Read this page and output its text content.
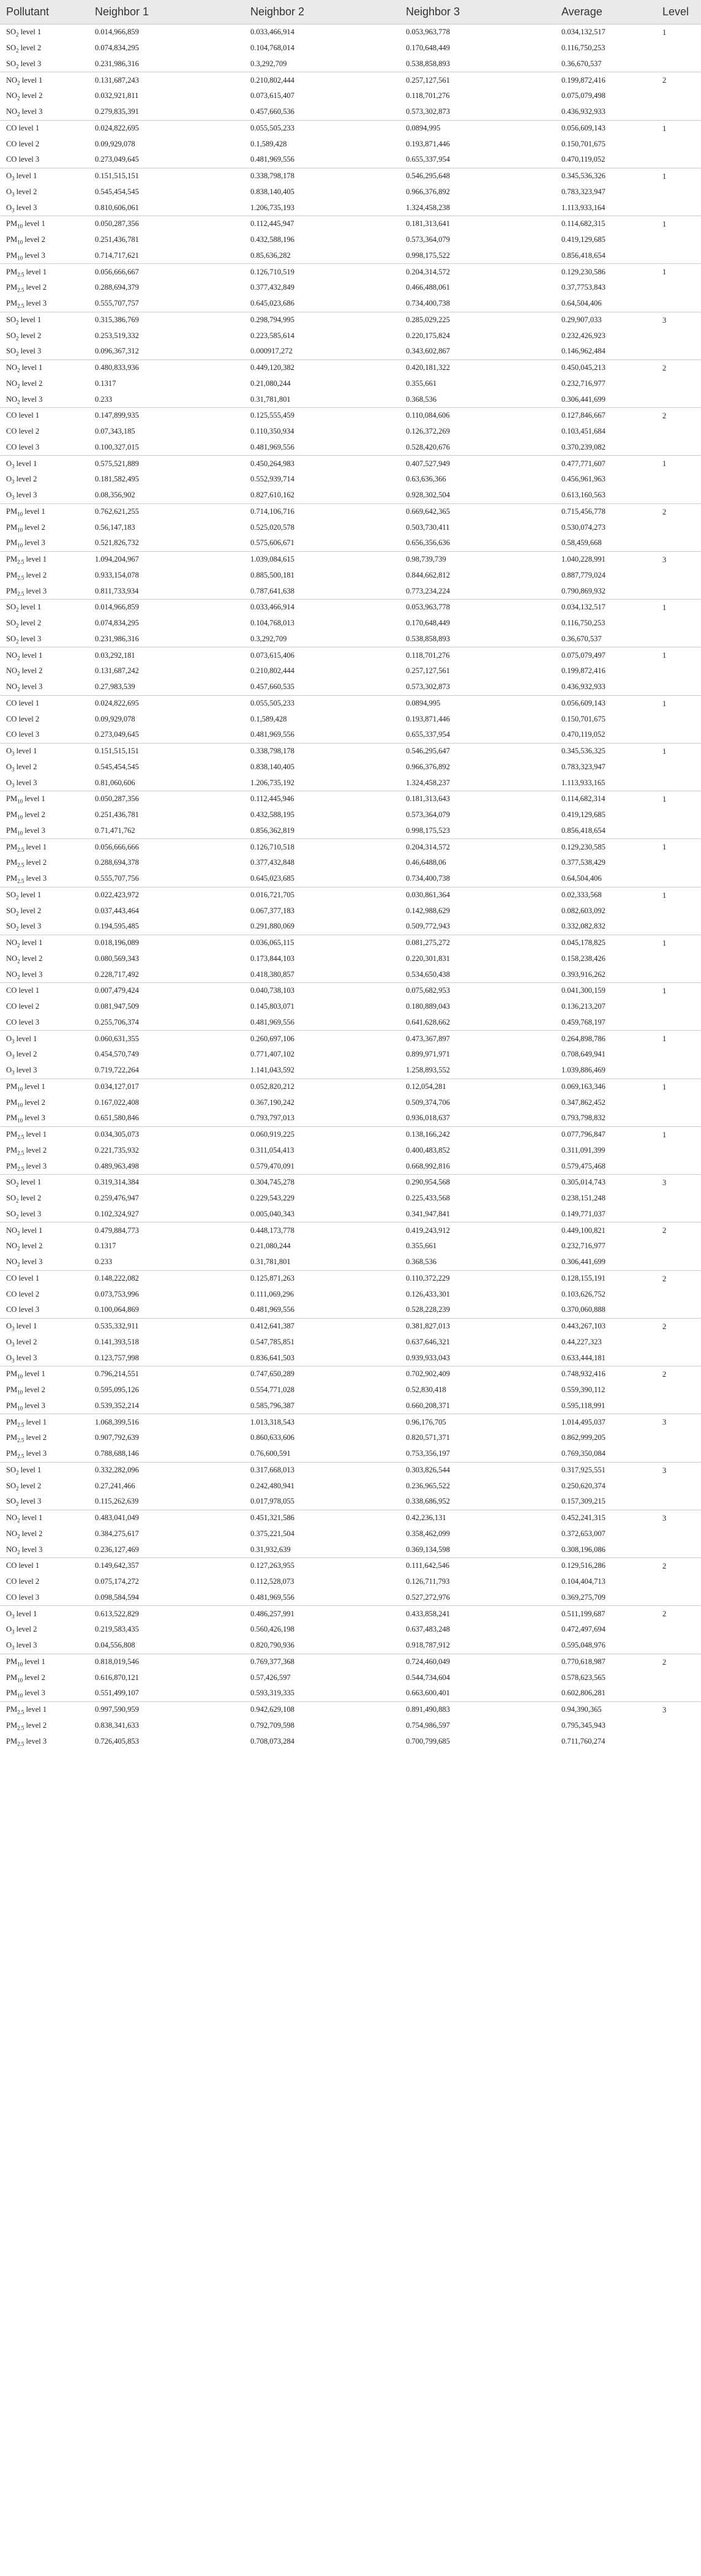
Pollutant	Neighbor 1	Neighbor 2	Neighbor 3	Average	Level
$SO_2$ level 1	0.014,966,859	0.033,466,914	0.053,963,778	0.034,132,517	1
$SO_2$ level 2	0.074,834,295	0.104,768,014	0.170,648,449	0.116,750,253	
$SO_2$ level 3	0.231,986,316	0.3,292,709	0.538,858,893	0.36,670,537	
$NO_2$ level 1	0.131,687,243	0.210,802,444	0.257,127,561	0.199,872,416	2
$NO_2$ level 2	0.032,921,811	0.073,615,407	0.118,701,276	0.075,079,498	
$NO_2$ level 3	0.279,835,391	0.457,660,536	0.573,302,873	0.436,932,933	
CO level 1	0.024,822,695	0.055,505,233	0.0894,995	0.056,609,143	1
CO level 2	0.09,929,078	0.1,589,428	0.193,871,446	0.150,701,675	
CO level 3	0.273,049,645	0.481,969,556	0.655,337,954	0.470,119,052	
$O_3$ level 1	0.151,515,151	0.338,798,178	0.546,295,648	0.345,536,326	1
$O_3$ level 2	0.545,454,545	0.838,140,405	0.966,376,892	0.783,323,947	
$O_3$ level 3	0.810,606,061	1.206,735,193	1.324,458,238	1.113,933,164	
$PM_{10}$ level 1	0.050,287,356	0.112,445,947	0.181,313,641	0.114,682,315	1
$PM_{10}$ level 2	0.251,436,781	0.432,588,196	0.573,364,079	0.419,129,685	
$PM_{10}$ level 3	0.714,717,621	0.85,636,282	0.998,175,522	0.856,418,654	
$PM_{2.5}$ level 1	0.056,666,667	0.126,710,519	0.204,314,572	0.129,230,586	1
$PM_{2.5}$ level 2	0.288,694,379	0.377,432,849	0.466,488,061	0.37,7753,843	
$PM_{2.5}$ level 3	0.555,707,757	0.645,023,686	0.734,400,738	0.64,504,406	
$SO_2$ level 1	0.315,386,769	0.298,794,995	0.285,029,225	0.29,907,033	3
$SO_2$ level 2	0.253,519,332	0.223,585,614	0.220,175,824	0.232,426,923	
$SO_2$ level 3	0.096,367,312	0.000917,272	0.343,602,867	0.146,962,484	
$NO_2$ level 1	0.480,833,936	0.449,120,382	0.420,181,322	0.450,045,213	2
$NO_2$ level 2	0.1317	0.21,080,244	0.355,661	0.232,716,977	
$NO_2$ level 3	0.233	0.31,781,801	0.368,536	0.306,441,699	
CO level 1	0.147,899,935	0.125,555,459	0.110,084,606	0.127,846,667	2
CO level 2	0.07,343,185	0.110,350,934	0.126,372,269	0.103,451,684	
CO level 3	0.100,327,015	0.481,969,556	0.528,420,676	0.370,239,082	
$O_3$ level 1	0.575,521,889	0.450,264,983	0.407,527,949	0.477,771,607	1
$O_3$ level 2	0.181,582,495	0.552,939,714	0.63,636,366	0.456,961,963	
$O_3$ level 3	0.08,356,902	0.827,610,162	0.928,302,504	0.613,160,563	
$PM_{10}$ level 1	0.762,621,255	0.714,106,716	0.669,642,365	0.715,456,778	2
$PM_{10}$ level 2	0.56,147,183	0.525,020,578	0.503,730,411	0.530,074,273	
$PM_{10}$ level 3	0.521,826,732	0.575,606,671	0.656,356,636	0.58,459,668	
$PM_{2.5}$ level 1	1.094,204,967	1.039,084,615	0.98,739,739	1.040,228,991	3
$PM_{2.5}$ level 2	0.933,154,078	0.885,500,181	0.844,662,812	0.887,779,024	
$PM_{2.5}$ level 3	0.811,733,934	0.787,641,638	0.773,234,224	0.790,869,932	
$SO_2$ level 1	0.014,966,859	0.033,466,914	0.053,963,778	0.034,132,517	1
$SO_2$ level 2	0.074,834,295	0.104,768,013	0.170,648,449	0.116,750,253	
$SO_2$ level 3	0.231,986,316	0.3,292,709	0.538,858,893	0.36,670,537	
$NO_2$ level 1	0.03,292,181	0.073,615,406	0.118,701,276	0.075,079,497	1
$NO_2$ level 2	0.131,687,242	0.210,802,444	0.257,127,561	0.199,872,416	
$NO_2$ level 3	0.27,983,539	0.457,660,535	0.573,302,873	0.436,932,933	
CO level 1	0.024,822,695	0.055,505,233	0.0894,995	0.056,609,143	1
CO level 2	0.09,929,078	0.1,589,428	0.193,871,446	0.150,701,675	
CO level 3	0.273,049,645	0.481,969,556	0.655,337,954	0.470,119,052	
$O_3$ level 1	0.151,515,151	0.338,798,178	0.546,295,647	0.345,536,325	1
$O_3$ level 2	0.545,454,545	0.838,140,405	0.966,376,892	0.783,323,947	
$O_3$ level 3	0.81,060,606	1.206,735,192	1.324,458,237	1.113,933,165	
$PM_{10}$ level 1	0.050,287,356	0.112,445,946	0.181,313,643	0.114,682,314	1
$PM_{10}$ level 2	0.251,436,781	0.432,588,195	0.573,364,079	0.419,129,685	
$PM_{10}$ level 3	0.71,471,762	0.856,362,819	0.998,175,523	0.856,418,654	
$PM_{2.5}$ level 1	0.056,666,666	0.126,710,518	0.204,314,572	0.129,230,585	1
$PM_{2.5}$ level 2	0.288,694,378	0.377,432,848	0.46,6488,06	0.377,538,429	
$PM_{2.5}$ level 3	0.555,707,756	0.645,023,685	0.734,400,738	0.64,504,406	
$SO_2$ level 1	0.022,423,972	0.016,721,705	0.030,861,364	0.02,333,568	1
$SO_2$ level 2	0.037,443,464	0.067,377,183	0.142,988,629	0.082,603,092	
$SO_2$ level 3	0.194,595,485	0.291,880,069	0.509,772,943	0.332,082,832	
$NO_2$ level 1	0.018,196,089	0.036,065,115	0.081,275,272	0.045,178,825	1
$NO_2$ level 2	0.080,569,343	0.173,844,103	0.220,301,831	0.158,238,426	
$NO_2$ level 3	0.228,717,492	0.418,380,857	0.534,650,438	0.393,916,262	
CO level 1	0.007,479,424	0.040,738,103	0.075,682,953	0.041,300,159	1
CO level 2	0.081,947,509	0.145,803,071	0.180,889,043	0.136,213,207	
CO level 3	0.255,706,374	0.481,969,556	0.641,628,662	0.459,768,197	
$O_3$ level 1	0.060,631,355	0.260,697,106	0.473,367,897	0.264,898,786	1
$O_3$ level 2	0.454,570,749	0.771,407,102	0.899,971,971	0.708,649,941	
$O_3$ level 3	0.719,722,264	1.141,043,592	1.258,893,552	1.039,886,469	
$PM_{10}$ level 1	0.034,127,017	0.052,820,212	0.12,054,281	0.069,163,346	1
$PM_{10}$ level 2	0.167,022,408	0.367,190,242	0.509,374,706	0.347,862,452	
$PM_{10}$ level 3	0.651,580,846	0.793,797,013	0.936,018,637	0.793,798,832	
$PM_{2.5}$ level 1	0.034,305,073	0.060,919,225	0.138,166,242	0.077,796,847	1
$PM_{2.5}$ level 2	0.221,735,932	0.311,054,413	0.400,483,852	0.311,091,399	
$PM_{2.5}$ level 3	0.489,963,498	0.579,470,091	0.668,992,816	0.579,475,468	
$SO_2$ level 1	0.319,314,384	0.304,745,278	0.290,954,568	0.305,014,743	3
$SO_2$ level 2	0.259,476,947	0.229,543,229	0.225,433,568	0.238,151,248	
$SO_2$ level 3	0.102,324,927	0.005,040,343	0.341,947,841	0.149,771,037	
$NO_2$ level 1	0.479,884,773	0.448,173,778	0.419,243,912	0.449,100,821	2
$NO_2$ level 2	0.1317	0.21,080,244	0.355,661	0.232,716,977	
$NO_2$ level 3	0.233	0.31,781,801	0.368,536	0.306,441,699	
CO level 1	0.148,222,082	0.125,871,263	0.110,372,229	0.128,155,191	2
CO level 2	0.073,753,996	0.111,069,296	0.126,433,301	0.103,626,752	
CO level 3	0.100,064,869	0.481,969,556	0.528,228,239	0.370,060,888	
$O_3$ level 1	0.535,332,911	0.412,641,387	0.381,827,013	0.443,267,103	2
$O_3$ level 2	0.141,393,518	0.547,785,851	0.637,646,321	0.44,227,323	
$O_3$ level 3	0.123,757,998	0.836,641,503	0.939,933,043	0.633,444,181	
$PM_{10}$ level 1	0.796,214,551	0.747,650,289	0.702,902,409	0.748,932,416	2
$PM_{10}$ level 2	0.595,095,126	0.554,771,028	0.52,830,418	0.559,390,112	
$PM_{10}$ level 3	0.539,352,214	0.585,796,387	0.660,208,371	0.595,118,991	
$PM_{2.5}$ level 1	1.068,399,516	1.013,318,543	0.96,176,705	1.014,495,037	3
$PM_{2.5}$ level 2	0.907,792,639	0.860,633,606	0.820,571,371	0.862,999,205	
$PM_{2.5}$ level 3	0.788,688,146	0.76,600,591	0.753,356,197	0.769,350,084	
$SO_2$ level 1	0.332,282,096	0.317,668,013	0.303,826,544	0.317,925,551	3
$SO_2$ level 2	0.27,241,466	0.242,480,941	0.236,965,522	0.250,620,374	
$SO_2$ level 3	0.115,262,639	0.017,978,055	0.338,686,952	0.157,309,215	
$NO_2$ level 1	0.483,041,049	0.451,321,586	0.42,236,131	0.452,241,315	3
$NO_2$ level 2	0.384,275,617	0.375,221,504	0.358,462,099	0.372,653,007	
$NO_2$ level 3	0.236,127,469	0.31,932,639	0.369,134,598	0.308,196,086	
CO level 1	0.149,642,357	0.127,263,955	0.111,642,546	0.129,516,286	2
CO level 2	0.075,174,272	0.112,528,073	0.126,711,793	0.104,404,713	
CO level 3	0.098,584,594	0.481,969,556	0.527,272,976	0.369,275,709	
$O_3$ level 1	0.613,522,829	0.486,257,991	0.433,858,241	0.511,199,687	2
$O_3$ level 2	0.219,583,435	0.560,426,198	0.637,483,248	0.472,497,694	
$O_3$ level 3	0.04,556,808	0.820,790,936	0.918,787,912	0.595,048,976	
$PM_{10}$ level 1	0.818,019,546	0.769,377,368	0.724,460,049	0.770,618,987	2
$PM_{10}$ level 2	0.616,870,121	0.57,426,597	0.544,734,604	0.578,623,565	
$PM_{10}$ level 3	0.551,499,107	0.593,319,335	0.663,600,401	0.602,806,281	
$PM_{2.5}$ level 1	0.997,590,959	0.942,629,108	0.891,490,883	0.94,390,365	3
$PM_{2.5}$ level 2	0.838,341,633	0.792,709,598	0.754,986,597	0.795,345,943	
$PM_{2.5}$ level 3	0.726,405,853	0.708,073,284	0.700,799,685	0.711,760,274	
